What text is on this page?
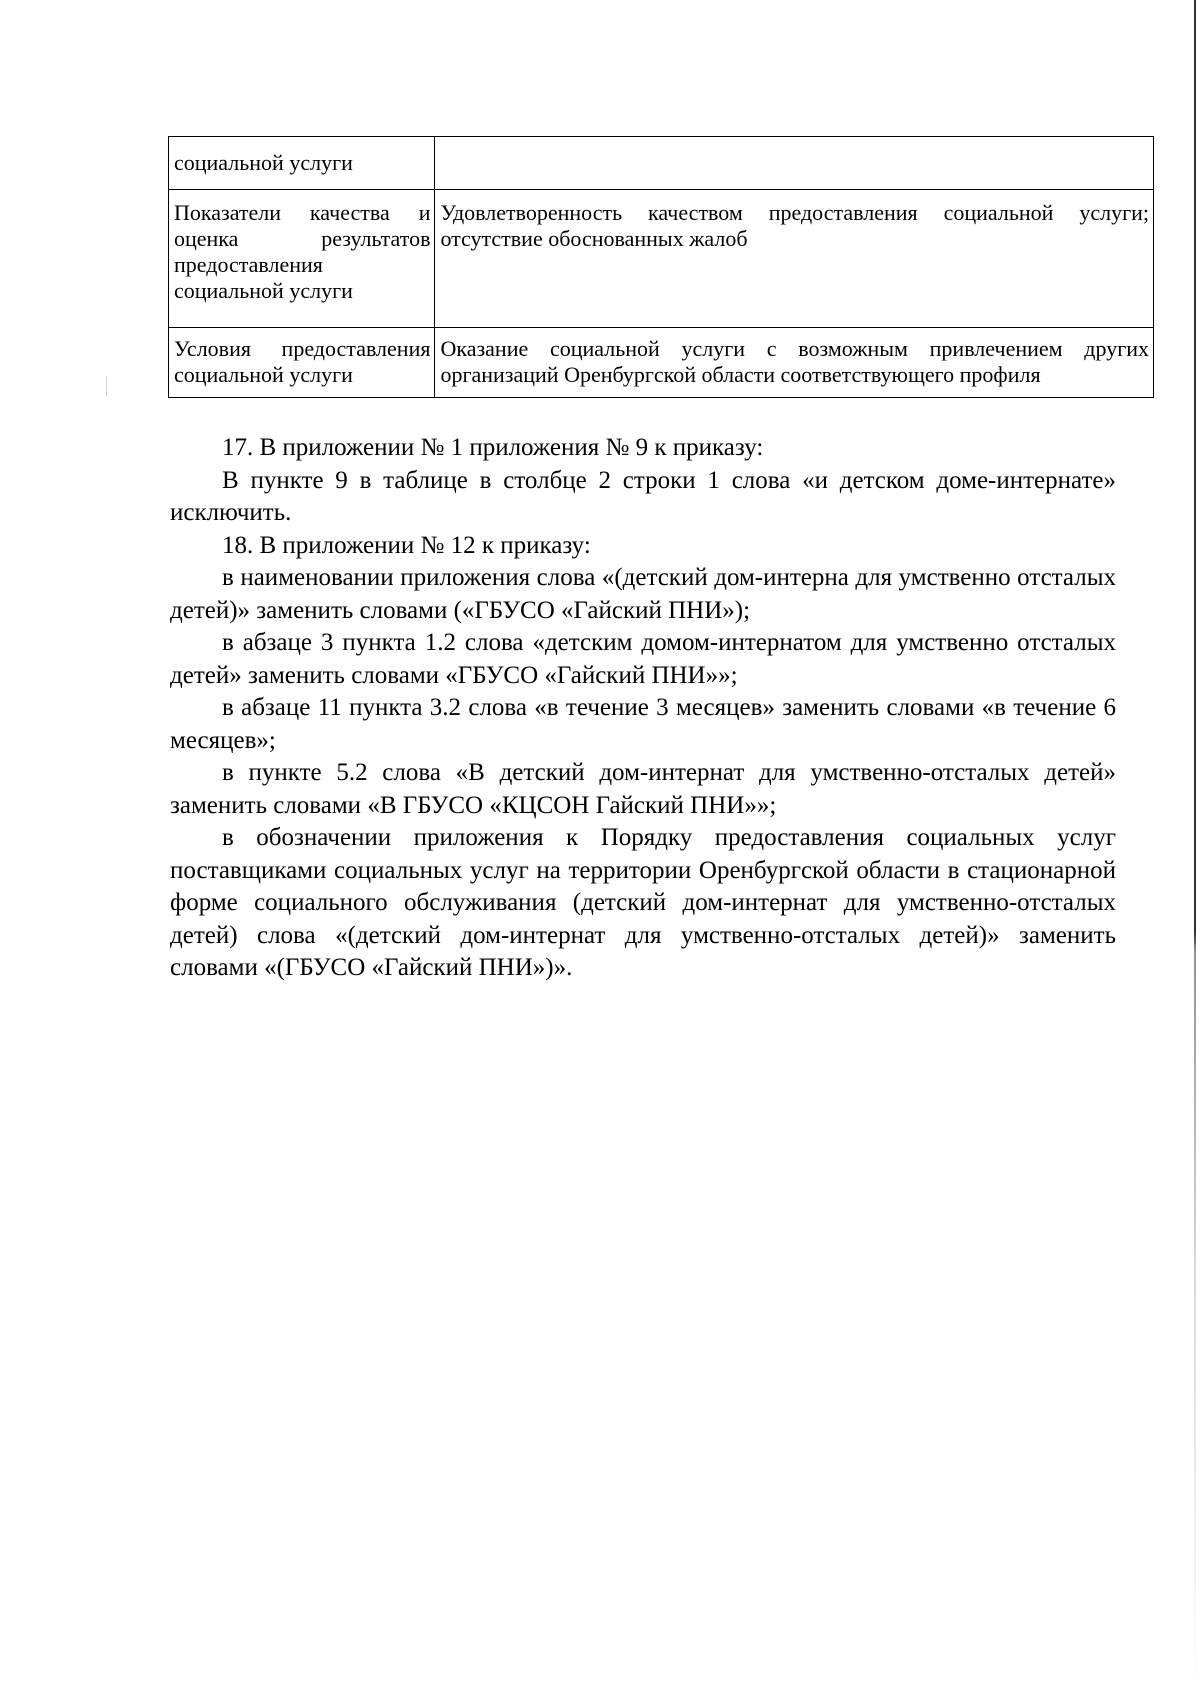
социальной услуги	

Показатели качества и
оценка результатов
предоставления
социальной услуги	Удовлетворенность качеством предоставления социальной услуги;
отсутствие обоснованных жалоб

Условия предоставления
социальной услуги	Оказание социальной услуги с возможным привлечением других
организаций Оренбургской области соответствующего профиля

17. В приложении № 1 приложения № 9 к приказу:

В пункте 9 в таблице в столбце 2 строки 1 слова «и детском доме-интернате» исключить.

18. В приложении № 12 к приказу:

в наименовании приложения слова «(детский дом-интерна для умственно отсталых детей)» заменить словами («ГБУСО «Гайский ПНИ»);

в абзаце 3 пункта 1.2 слова «детским домом-интернатом для умственно отсталых детей» заменить словами «ГБУСО «Гайский ПНИ»»;

в абзаце 11 пункта 3.2 слова «в течение 3 месяцев» заменить словами «в течение 6 месяцев»;

в пункте 5.2 слова «В детский дом-интернат для умственно-отсталых детей» заменить словами «В ГБУСО «КЦСОН Гайский ПНИ»»;

в обозначении приложения к Порядку предоставления социальных услуг поставщиками социальных услуг на территории Оренбургской области в стационарной форме социального обслуживания (детский дом-интернат для умственно-отсталых детей) слова «(детский дом-интернат для умственно-отсталых детей)» заменить словами «(ГБУСО «Гайский ПНИ»)».
